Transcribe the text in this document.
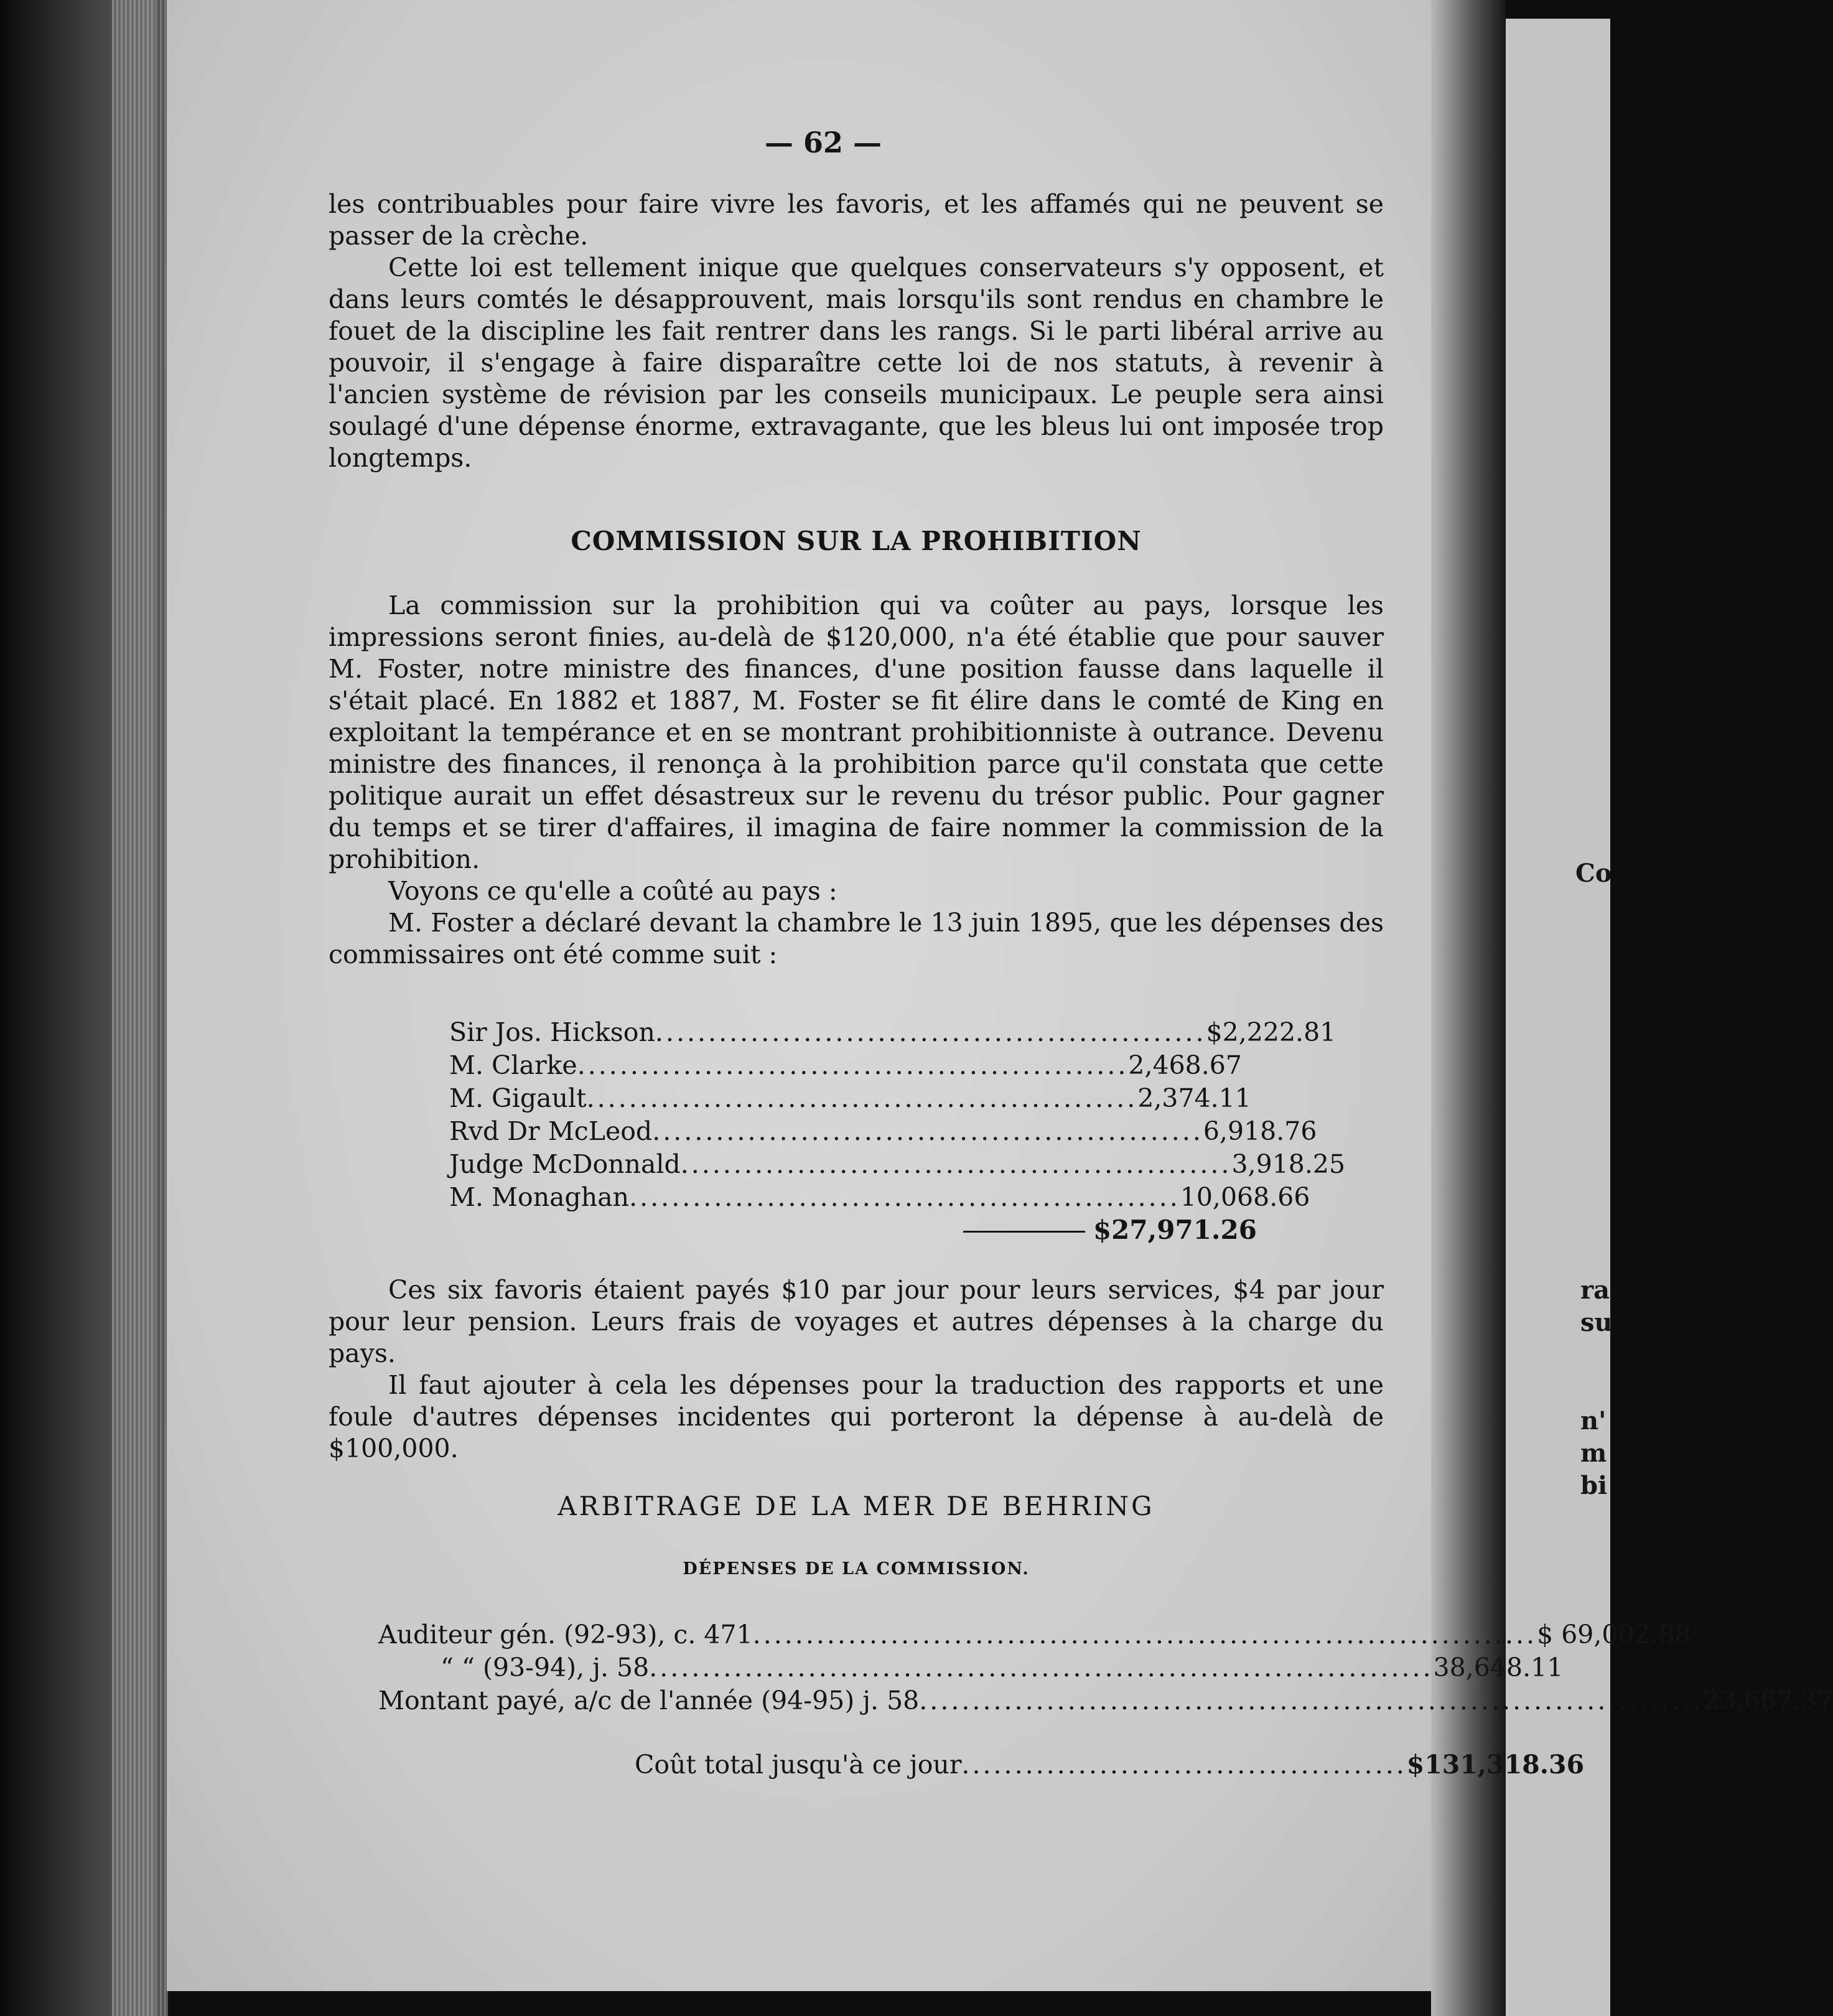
Co
ra
su
n'
m
bi
— 62 —

les contribuables pour faire vivre les favoris, et les affamés qui ne peuvent se passer de la crèche.

Cette loi est tellement inique que quelques conservateurs s'y opposent, et dans leurs comtés le désapprouvent, mais lorsqu'ils sont rendus en chambre le fouet de la discipline les fait rentrer dans les rangs. Si le parti libéral arrive au pouvoir, il s'engage à faire disparaître cette loi de nos statuts, à revenir à l'ancien système de révision par les conseils municipaux. Le peuple sera ainsi soulagé d'une dépense énorme, extravagante, que les bleus lui ont imposée trop longtemps.

COMMISSION SUR LA PROHIBITION

La commission sur la prohibition qui va coûter au pays, lorsque les impressions seront finies, au-delà de $120,000, n'a été établie que pour sauver M. Foster, notre ministre des finances, d'une position fausse dans laquelle il s'était placé. En 1882 et 1887, M. Foster se fit élire dans le comté de King en exploitant la tempérance et en se montrant prohibitionniste à outrance. Devenu ministre des finances, il renonça à la prohibition parce qu'il constata que cette politique aurait un effet désastreux sur le revenu du trésor public. Pour gagner du temps et se tirer d'affaires, il imagina de faire nommer la commission de la prohibition.

Voyons ce qu'elle a coûté au pays :

M. Foster a déclaré devant la chambre le 13 juin 1895, que les dépenses des commissaires ont été comme suit :

Sir Jos. Hickson .................................................... $2,222.81
M. Clarke .................................................... 2,468.67
M. Gigault .................................................... 2,374.11
Rvd Dr McLeod .................................................... 6,918.76
Judge McDonnald .................................................... 3,918.25
M. Monaghan .................................................... 10,068.66
$27,971.26

Ces six favoris étaient payés $10 par jour pour leurs services, $4 par jour pour leur pension. Leurs frais de voyages et autres dépenses à la charge du pays.

Il faut ajouter à cela les dépenses pour la traduction des rapports et une foule d'autres dépenses incidentes qui porteront la dépense à au-delà de $100,000.

ARBITRAGE DE LA MER DE BEHRING
DÉPENSES DE LA COMMISSION.
Auditeur gén. (92-93), c. 471 .......................................................................... $ 69,002.88
“ “ (93-94), j. 58 .......................................................................... 38,648.11
Montant payé, a/c de l'année (94-95) j. 58 .......................................................................... 23,667.37
Coût total jusqu'à ce jour .......................................... $131,318.36
